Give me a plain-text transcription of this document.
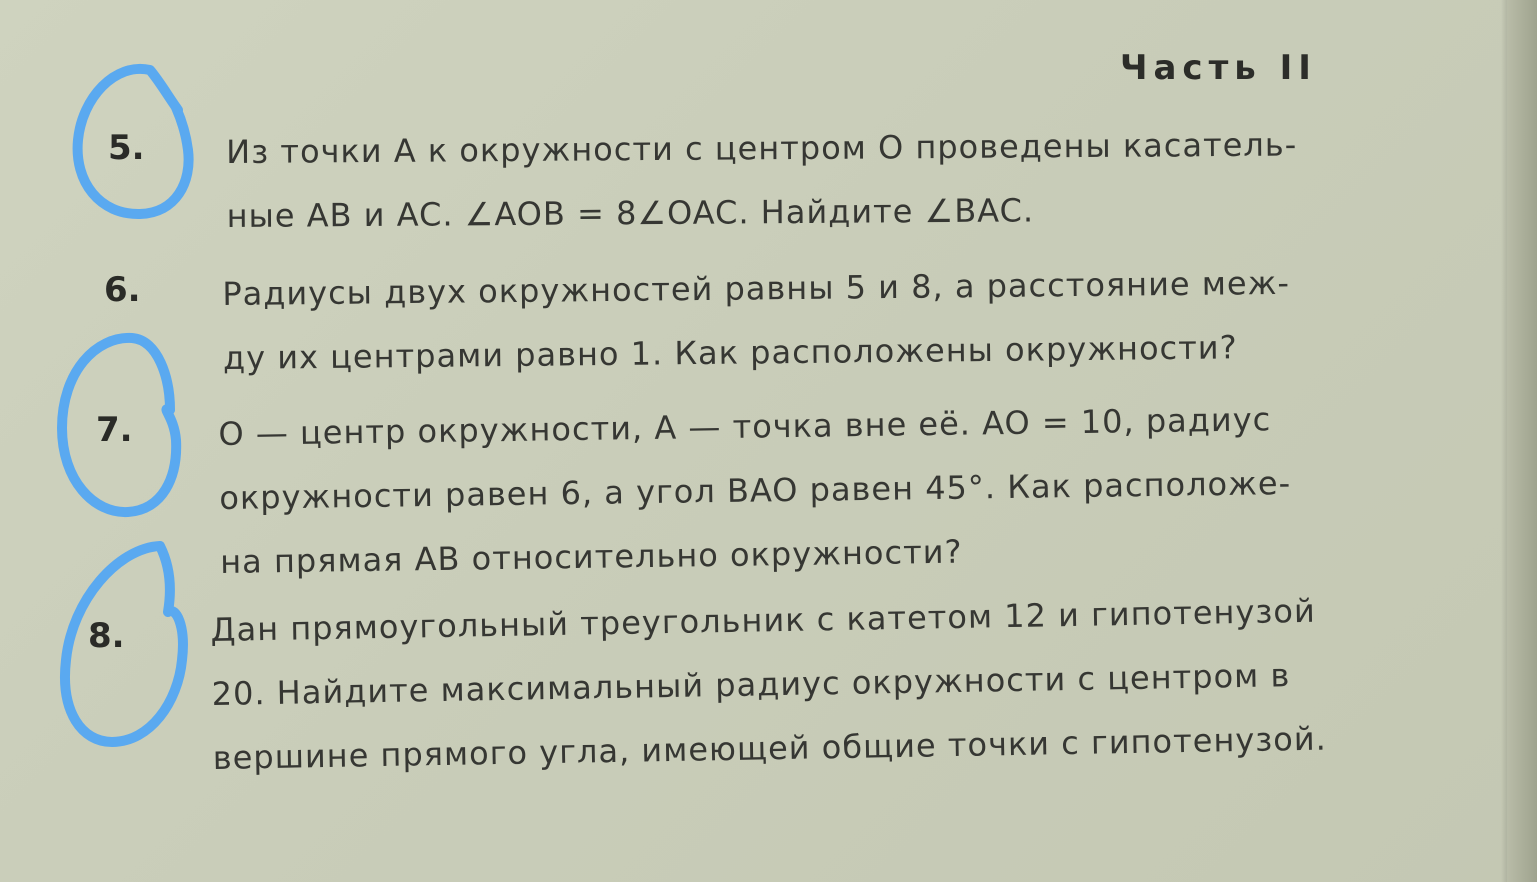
Часть II
5.	Из точки A к окружности с центром O проведены касатель-
ные AB и AC. ∠AOB = 8∠OAC. Найдите ∠BAC.
6.	Радиусы двух окружностей равны 5 и 8, а расстояние меж-
ду их центрами равно 1. Как расположены окружности?
7.	O — центр окружности, A — точка вне её. AO = 10, радиус
окружности равен 6, а угол BAO равен 45°. Как расположе-
на прямая AB относительно окружности?
8.	Дан прямоугольный треугольник с катетом 12 и гипотенузой
20. Найдите максимальный радиус окружности с центром в
вершине прямого угла, имеющей общие точки с гипотенузой.
